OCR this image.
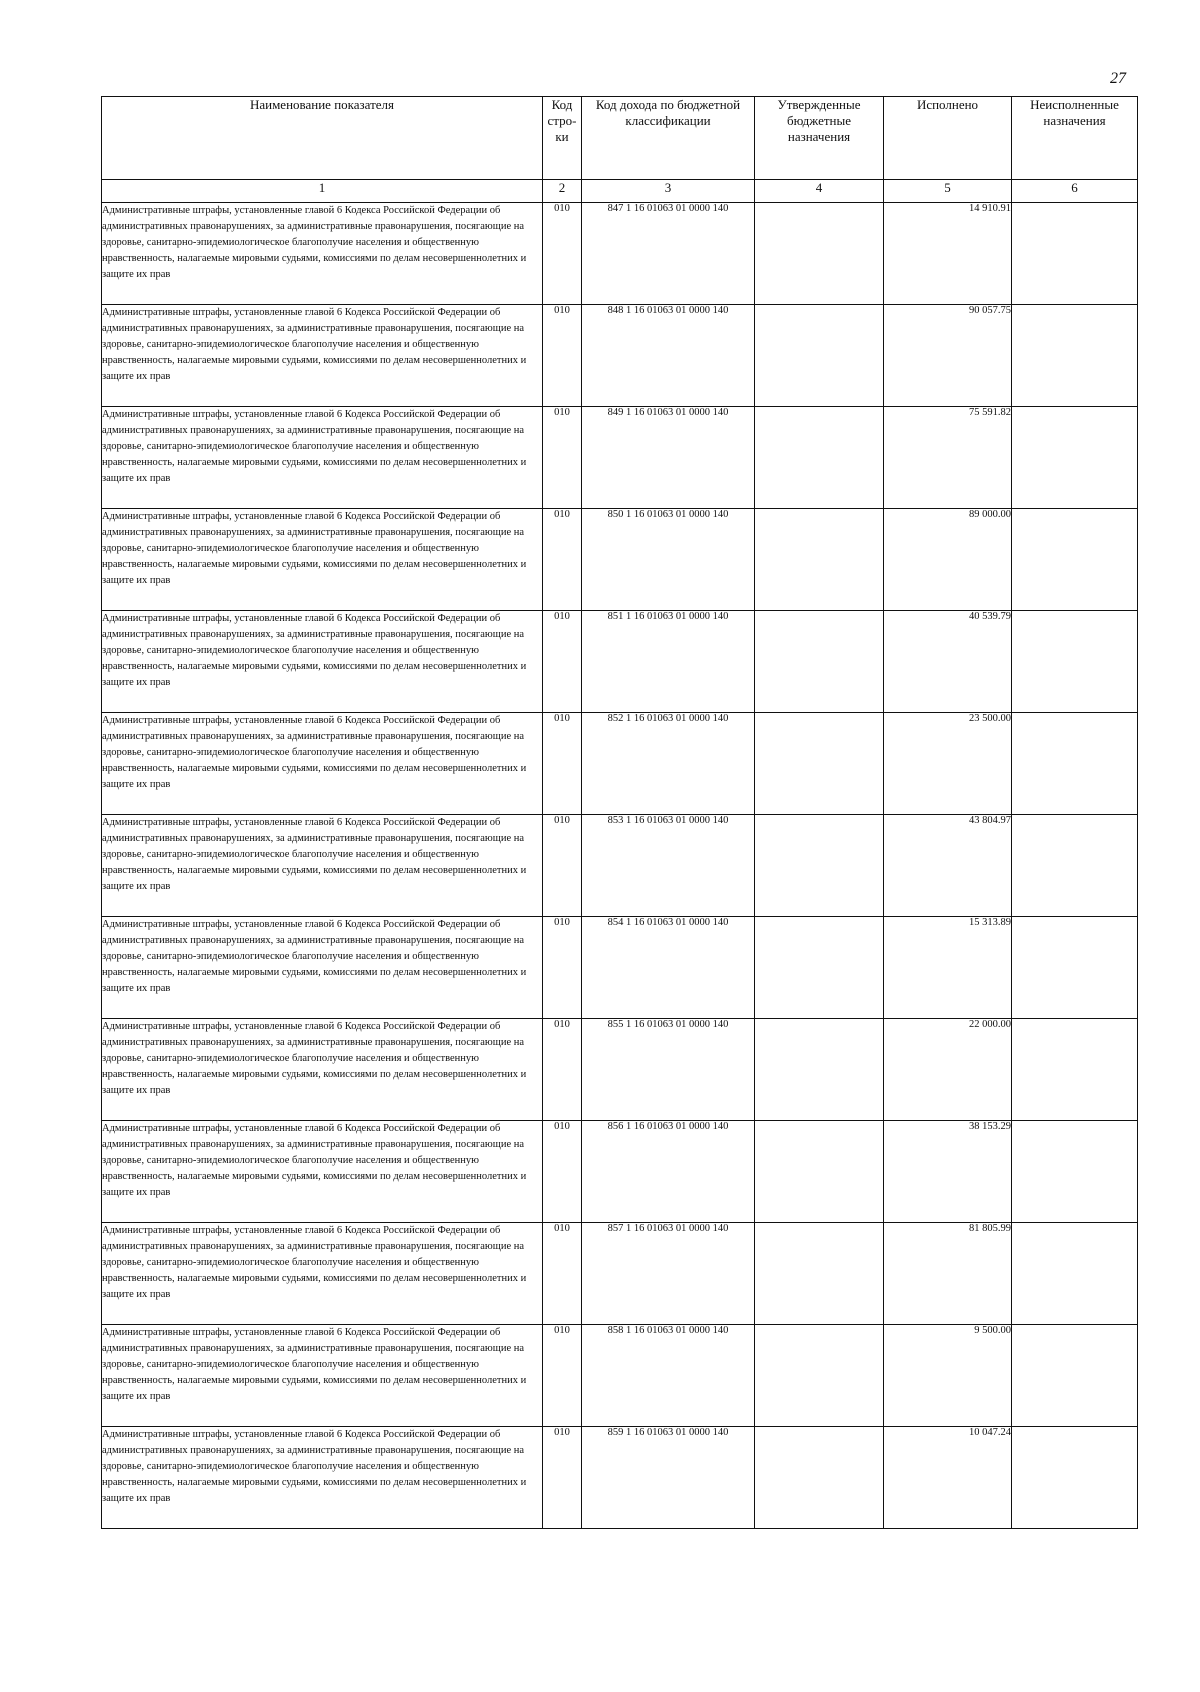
27
Наименование показателя	Код стро- ки	Код дохода по бюджетной классификации	Утвержденные бюджетные назначения	Исполнено	Неисполненные назначения
1	2	3	4	5	6
Административные штрафы, установленные главой 6 Кодекса Российской Федерации об административных правонарушениях, за административные правонарушения, посягающие на здоровье, санитарно-эпидемиологическое благополучие населения и общественную нравственность, налагаемые мировыми судьями, комиссиями по делам несовершеннолетних и защите их прав	010	847 1 16 01063 01 0000 140		14 910.91	
Административные штрафы, установленные главой 6 Кодекса Российской Федерации об административных правонарушениях, за административные правонарушения, посягающие на здоровье, санитарно-эпидемиологическое благополучие населения и общественную нравственность, налагаемые мировыми судьями, комиссиями по делам несовершеннолетних и защите их прав	010	848 1 16 01063 01 0000 140		90 057.75	
Административные штрафы, установленные главой 6 Кодекса Российской Федерации об административных правонарушениях, за административные правонарушения, посягающие на здоровье, санитарно-эпидемиологическое благополучие населения и общественную нравственность, налагаемые мировыми судьями, комиссиями по делам несовершеннолетних и защите их прав	010	849 1 16 01063 01 0000 140		75 591.82	
Административные штрафы, установленные главой 6 Кодекса Российской Федерации об административных правонарушениях, за административные правонарушения, посягающие на здоровье, санитарно-эпидемиологическое благополучие населения и общественную нравственность, налагаемые мировыми судьями, комиссиями по делам несовершеннолетних и защите их прав	010	850 1 16 01063 01 0000 140		89 000.00	
Административные штрафы, установленные главой 6 Кодекса Российской Федерации об административных правонарушениях, за административные правонарушения, посягающие на здоровье, санитарно-эпидемиологическое благополучие населения и общественную нравственность, налагаемые мировыми судьями, комиссиями по делам несовершеннолетних и защите их прав	010	851 1 16 01063 01 0000 140		40 539.79	
Административные штрафы, установленные главой 6 Кодекса Российской Федерации об административных правонарушениях, за административные правонарушения, посягающие на здоровье, санитарно-эпидемиологическое благополучие населения и общественную нравственность, налагаемые мировыми судьями, комиссиями по делам несовершеннолетних и защите их прав	010	852 1 16 01063 01 0000 140		23 500.00	
Административные штрафы, установленные главой 6 Кодекса Российской Федерации об административных правонарушениях, за административные правонарушения, посягающие на здоровье, санитарно-эпидемиологическое благополучие населения и общественную нравственность, налагаемые мировыми судьями, комиссиями по делам несовершеннолетних и защите их прав	010	853 1 16 01063 01 0000 140		43 804.97	
Административные штрафы, установленные главой 6 Кодекса Российской Федерации об административных правонарушениях, за административные правонарушения, посягающие на здоровье, санитарно-эпидемиологическое благополучие населения и общественную нравственность, налагаемые мировыми судьями, комиссиями по делам несовершеннолетних и защите их прав	010	854 1 16 01063 01 0000 140		15 313.89	
Административные штрафы, установленные главой 6 Кодекса Российской Федерации об административных правонарушениях, за административные правонарушения, посягающие на здоровье, санитарно-эпидемиологическое благополучие населения и общественную нравственность, налагаемые мировыми судьями, комиссиями по делам несовершеннолетних и защите их прав	010	855 1 16 01063 01 0000 140		22 000.00	
Административные штрафы, установленные главой 6 Кодекса Российской Федерации об административных правонарушениях, за административные правонарушения, посягающие на здоровье, санитарно-эпидемиологическое благополучие населения и общественную нравственность, налагаемые мировыми судьями, комиссиями по делам несовершеннолетних и защите их прав	010	856 1 16 01063 01 0000 140		38 153.29	
Административные штрафы, установленные главой 6 Кодекса Российской Федерации об административных правонарушениях, за административные правонарушения, посягающие на здоровье, санитарно-эпидемиологическое благополучие населения и общественную нравственность, налагаемые мировыми судьями, комиссиями по делам несовершеннолетних и защите их прав	010	857 1 16 01063 01 0000 140		81 805.99	
Административные штрафы, установленные главой 6 Кодекса Российской Федерации об административных правонарушениях, за административные правонарушения, посягающие на здоровье, санитарно-эпидемиологическое благополучие населения и общественную нравственность, налагаемые мировыми судьями, комиссиями по делам несовершеннолетних и защите их прав	010	858 1 16 01063 01 0000 140		9 500.00	
Административные штрафы, установленные главой 6 Кодекса Российской Федерации об административных правонарушениях, за административные правонарушения, посягающие на здоровье, санитарно-эпидемиологическое благополучие населения и общественную нравственность, налагаемые мировыми судьями, комиссиями по делам несовершеннолетних и защите их прав	010	859 1 16 01063 01 0000 140		10 047.24	
